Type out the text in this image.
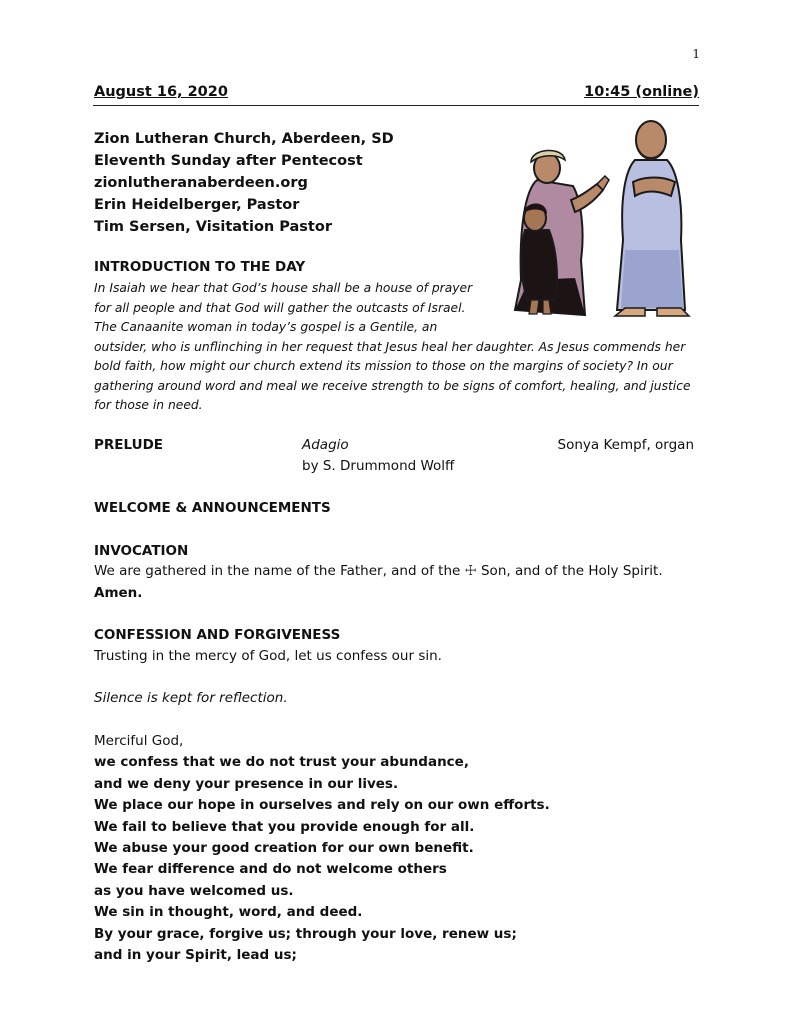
1
August 16, 2020	10:45 (online)
Zion Lutheran Church, Aberdeen, SD
Eleventh Sunday after Pentecost
zionlutheranaberdeen.org
Erin Heidelberger, Pastor
Tim Sersen, Visitation Pastor
INTRODUCTION TO THE DAY
In Isaiah we hear that God’s house shall be a house of prayer
for all people and that God will gather the outcasts of Israel.
The Canaanite woman in today’s gospel is a Gentile, an
outsider, who is unflinching in her request that Jesus heal her daughter. As Jesus commends her
bold faith, how might our church extend its mission to those on the margins of society? In our
gathering around word and meal we receive strength to be signs of comfort, healing, and justice
for those in need.
PRELUDE	Adagio
by S. Drummond Wolff
Sonya Kempf, organ
WELCOME & ANNOUNCEMENTS
INVOCATION
We are gathered in the name of the Father, and of the ☩ Son, and of the Holy Spirit.
Amen.
CONFESSION AND FORGIVENESS
Trusting in the mercy of God, let us confess our sin.
Silence is kept for reflection.
Merciful God,
we confess that we do not trust your abundance,
and we deny your presence in our lives.
We place our hope in ourselves and rely on our own efforts.
We fail to believe that you provide enough for all.
We abuse your good creation for our own benefit.
We fear difference and do not welcome others
as you have welcomed us.
We sin in thought, word, and deed.
By your grace, forgive us; through your love, renew us;
and in your Spirit, lead us;
